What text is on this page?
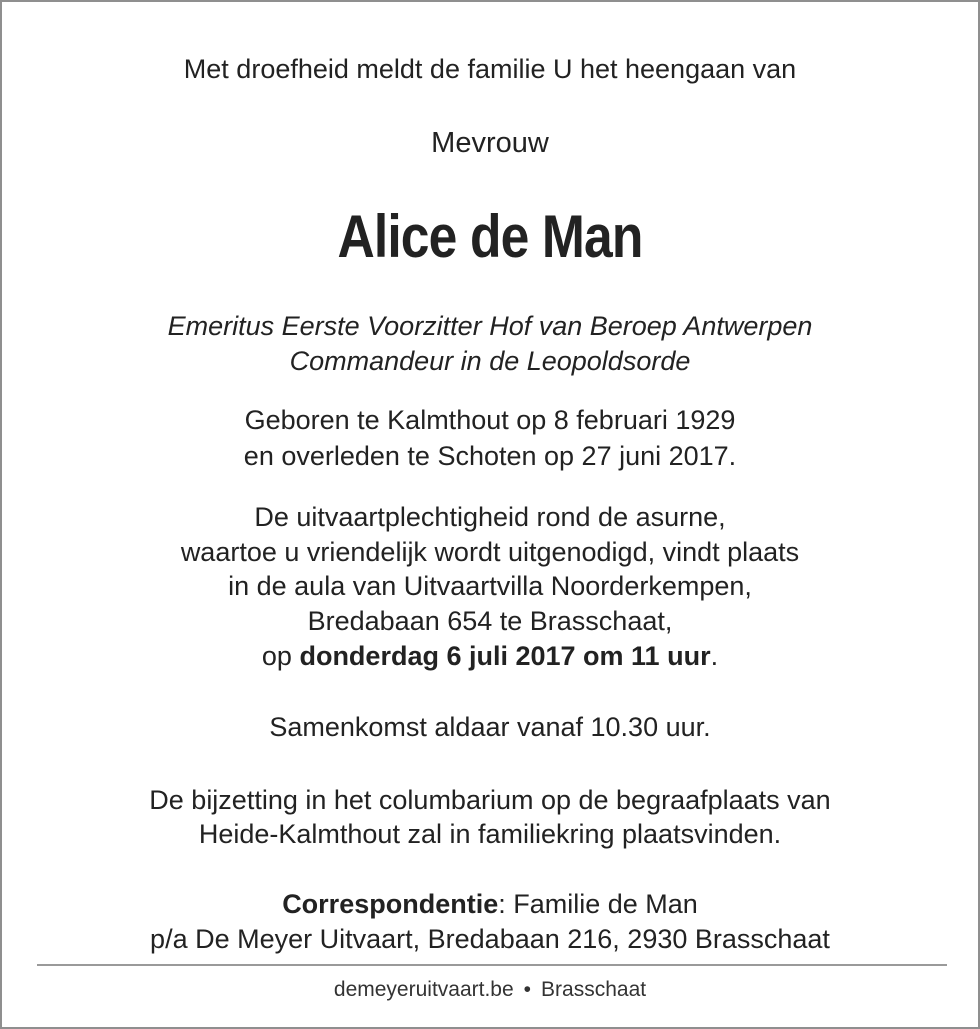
Met droefheid meldt de familie U het heengaan van
Mevrouw
Alice de Man
Emeritus Eerste Voorzitter Hof van Beroep Antwerpen
Commandeur in de Leopoldsorde
Geboren te Kalmthout op 8 februari 1929
en overleden te Schoten op 27 juni 2017.
De uitvaartplechtigheid rond de asurne,
waartoe u vriendelijk wordt uitgenodigd, vindt plaats
in de aula van Uitvaartvilla Noorderkempen,
Bredabaan 654 te Brasschaat,
op donderdag 6 juli 2017 om 11 uur.
Samenkomst aldaar vanaf 10.30 uur.
De bijzetting in het columbarium op de begraafplaats van
Heide-Kalmthout zal in familiekring plaatsvinden.
Correspondentie: Familie de Man
p/a De Meyer Uitvaart, Bredabaan 216, 2930 Brasschaat
demeyeruitvaart.be • Brasschaat
